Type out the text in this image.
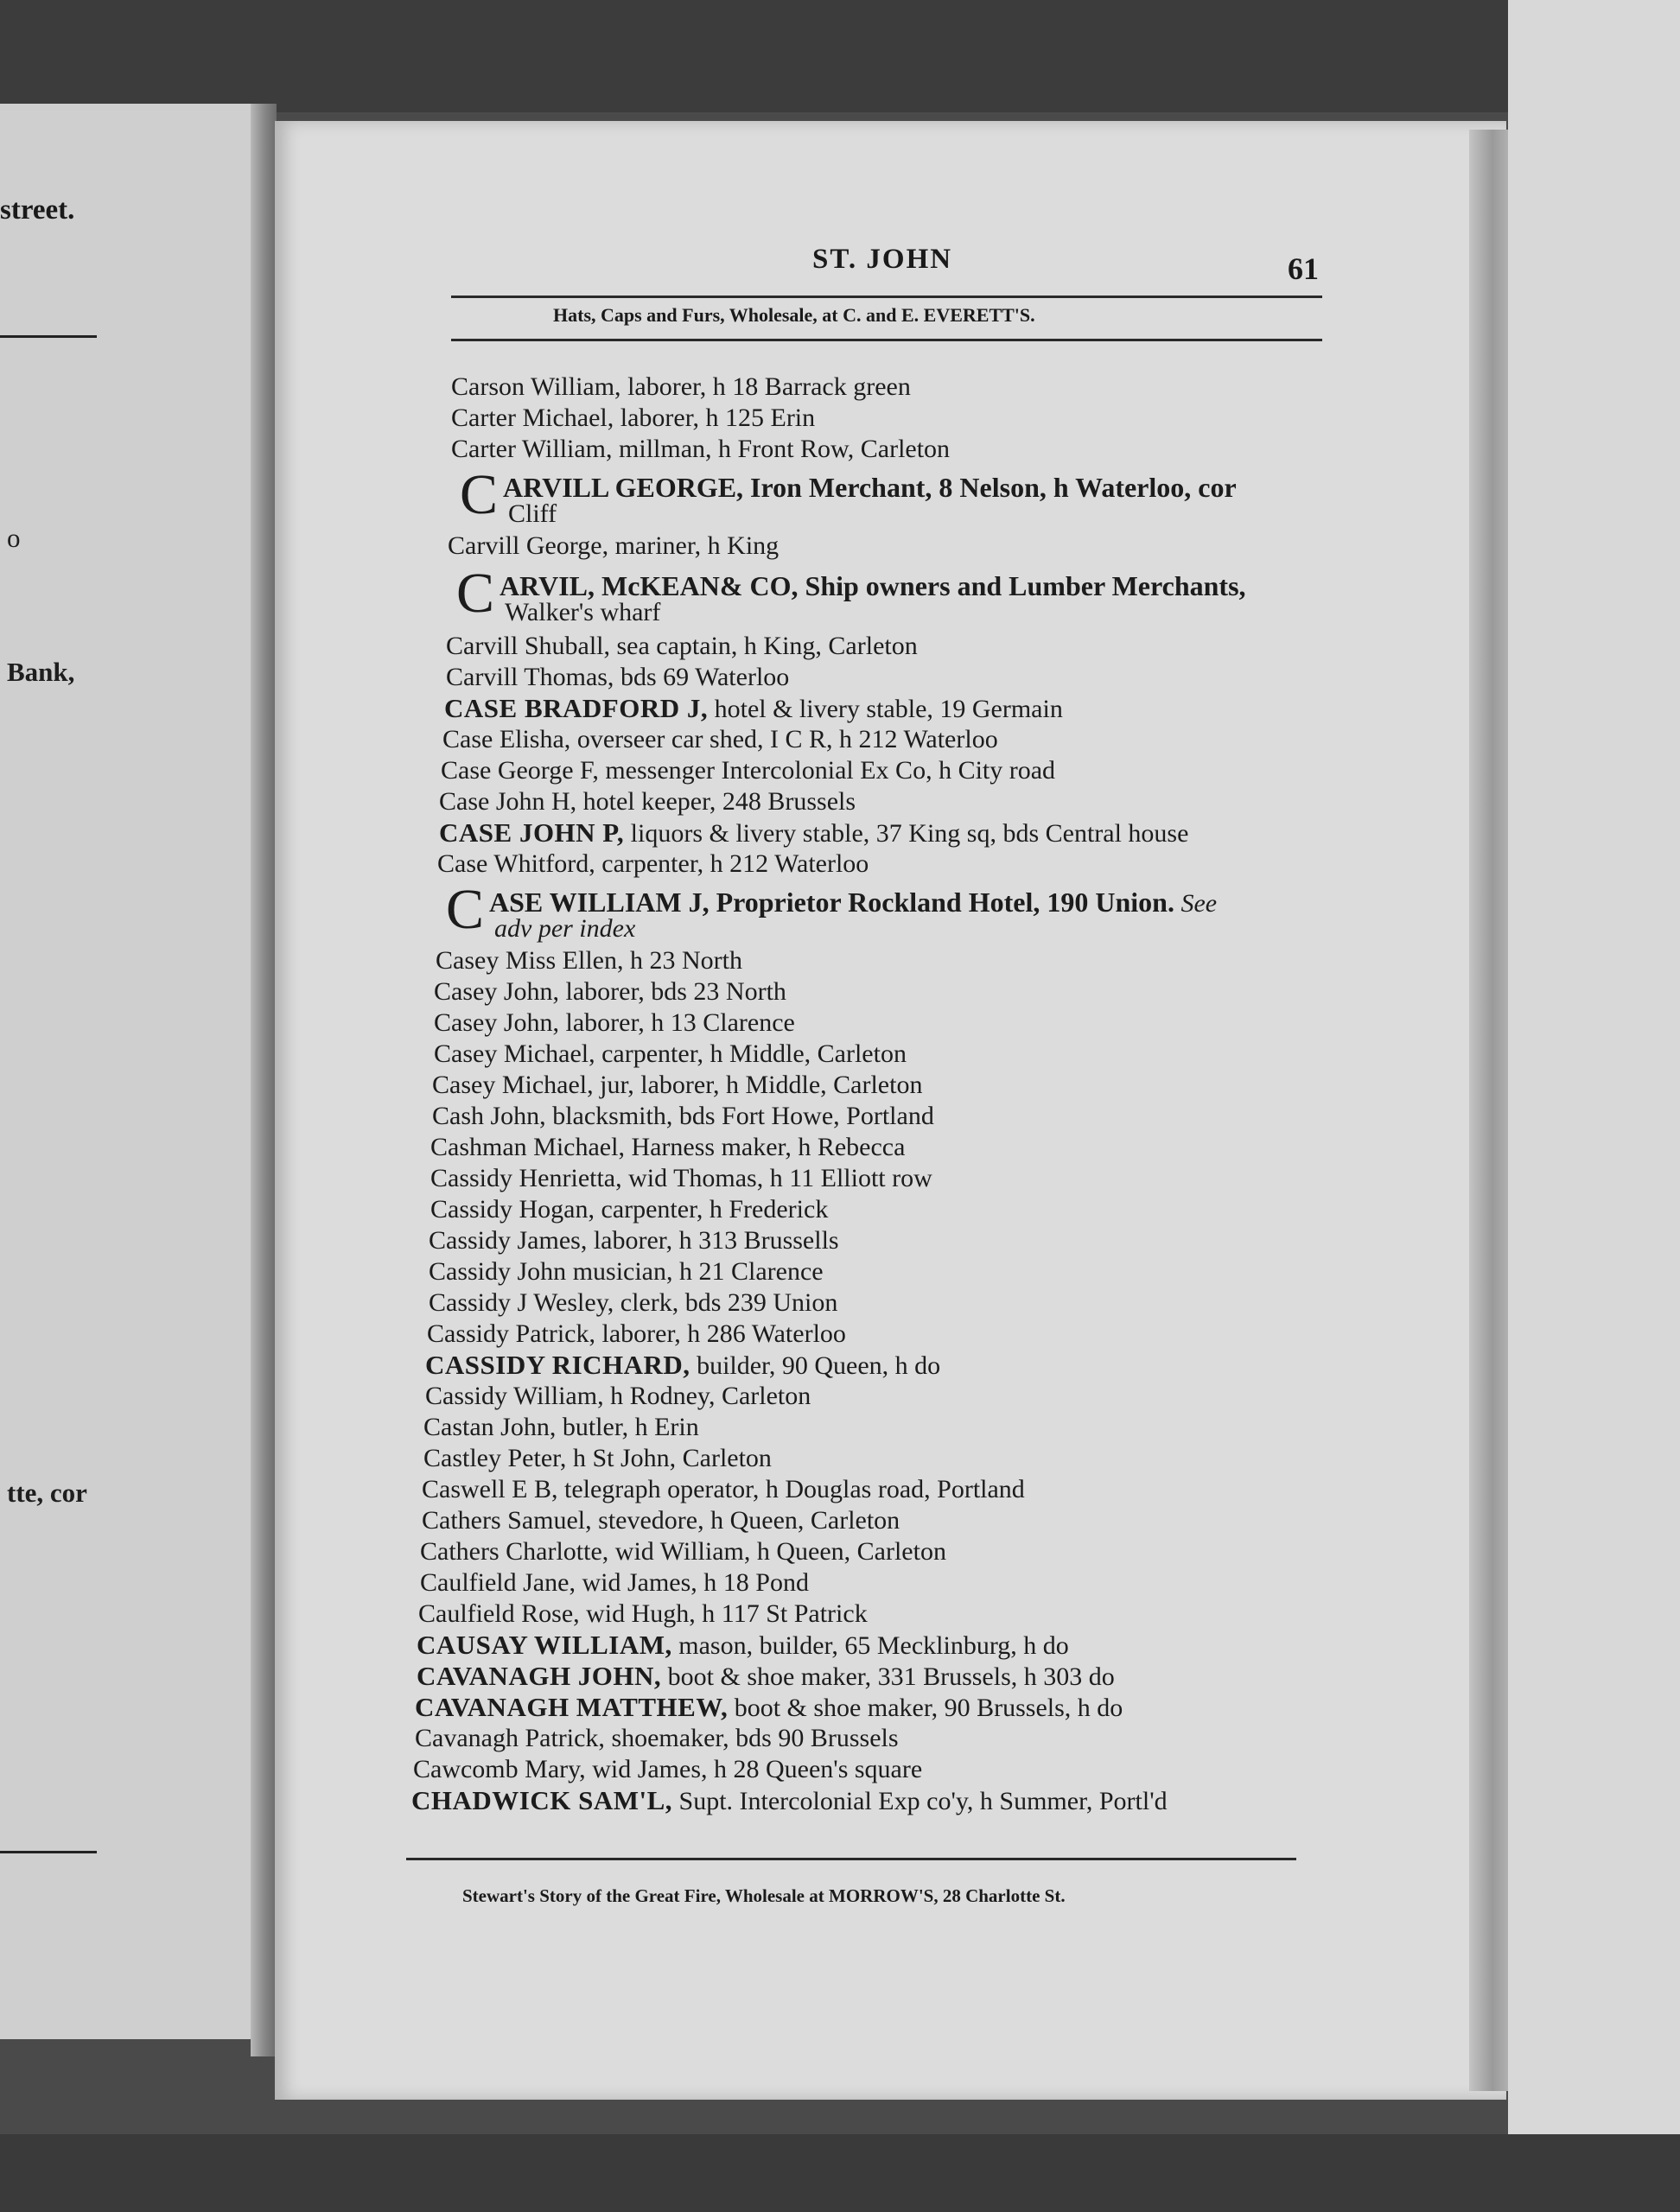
street.
o
Bank,
tte, cor
ST. JOHN	61
Hats, Caps and Furs, Wholesale, at C. and E. EVERETT'S.
Carson William, laborer, h 18 Barrack green
Carter Michael, laborer, h 125 Erin
Carter William, millman, h Front Row, Carleton
C ARVILL GEORGE, Iron Merchant, 8 Nelson, h Waterloo, cor
Cliff
Carvill George, mariner, h King
C ARVIL, McKEAN& CO, Ship owners and Lumber Merchants,
Walker's wharf
Carvill Shuball, sea captain, h King, Carleton
Carvill Thomas, bds 69 Waterloo
CASE BRADFORD J, hotel & livery stable, 19 Germain
Case Elisha, overseer car shed, I C R, h 212 Waterloo
Case George F, messenger Intercolonial Ex Co, h City road
Case John H, hotel keeper, 248 Brussels
CASE JOHN P, liquors & livery stable, 37 King sq, bds Central house
Case Whitford, carpenter, h 212 Waterloo
C ASE WILLIAM J, Proprietor Rockland Hotel, 190 Union. See
adv per index
Casey Miss Ellen, h 23 North
Casey John, laborer, bds 23 North
Casey John, laborer, h 13 Clarence
Casey Michael, carpenter, h Middle, Carleton
Casey Michael, jur, laborer, h Middle, Carleton
Cash John, blacksmith, bds Fort Howe, Portland
Cashman Michael, Harness maker, h Rebecca
Cassidy Henrietta, wid Thomas, h 11 Elliott row
Cassidy Hogan, carpenter, h Frederick
Cassidy James, laborer, h 313 Brussells
Cassidy John musician, h 21 Clarence
Cassidy J Wesley, clerk, bds 239 Union
Cassidy Patrick, laborer, h 286 Waterloo
CASSIDY RICHARD, builder, 90 Queen, h do
Cassidy William, h Rodney, Carleton
Castan John, butler, h Erin
Castley Peter, h St John, Carleton
Caswell E B, telegraph operator, h Douglas road, Portland
Cathers Samuel, stevedore, h Queen, Carleton
Cathers Charlotte, wid William, h Queen, Carleton
Caulfield Jane, wid James, h 18 Pond
Caulfield Rose, wid Hugh, h 117 St Patrick
CAUSAY WILLIAM, mason, builder, 65 Mecklinburg, h do
CAVANAGH JOHN, boot & shoe maker, 331 Brussels, h 303 do
CAVANAGH MATTHEW, boot & shoe maker, 90 Brussels, h do
Cavanagh Patrick, shoemaker, bds 90 Brussels
Cawcomb Mary, wid James, h 28 Queen's square
CHADWICK SAM'L, Supt. Intercolonial Exp co'y, h Summer, Portl'd
Stewart's Story of the Great Fire, Wholesale at MORROW'S, 28 Charlotte St.
